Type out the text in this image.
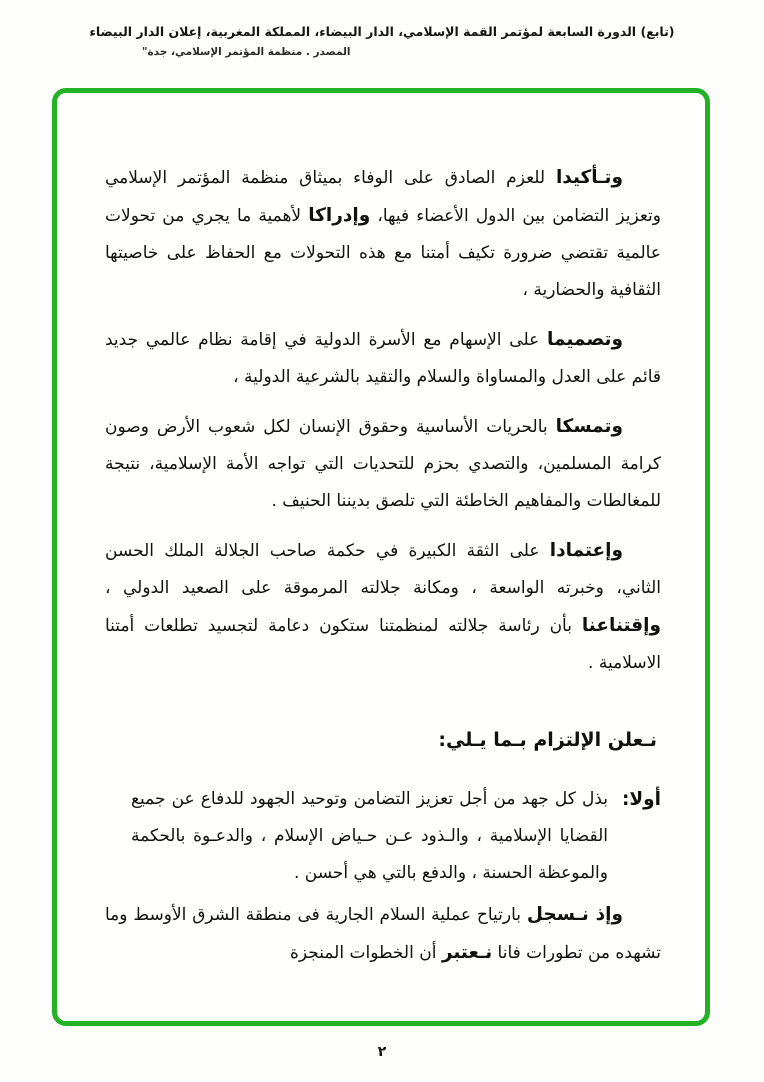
(تابع) الدورة السابعة لمؤتمر القمة الإسلامي، الدار البيضاء، المملكة المغربية، إعلان الدار البيضاء
المصدر . منظمة المؤتمر الإسلامي، جدة"

وتـأكيدا للعزم الصادق على الوفاء بميثاق منظمة المؤتمر الإسلامي وتعزيز التضامن بين الدول الأعضاء فيها، وإدراكا لأهمية ما يجري من تحولات عالمية تقتضي ضرورة تكيف أمتنا مع هذه التحولات مع الحفاظ على خاصيتها الثقافية والحضارية ،

وتصميما على الإسهام مع الأسرة الدولية في إقامة نظام عالمي جديد قائم على العدل والمساواة والسلام والتقيد بالشرعية الدولية ،

وتمسكا بالحريات الأساسية وحقوق الإنسان لكل شعوب الأرض وصون كرامة المسلمين، والتصدي بحزم للتحديات التي تواجه الأمة الإسلامية، نتيجة للمغالطات والمفاهيم الخاطئة التي تلصق بديننا الحنيف .

وإعتمادا على الثقة الكبيرة في حكمة صاحب الجلالة الملك الحسن الثاني، وخبرته الواسعة ، ومكانة جلالته المرموقة على الصعيد الدولي ، وإقتناعنا بأن رئاسة جلالته لمنظمتنا ستكون دعامة لتجسيد تطلعات أمتنا الاسلامية .

نـعلن الإلتزام بـما يـلي:
أولا:
بذل كل جهد من أجل تعزيز التضامن وتوحيد الجهود للدفاع عن جميع القضايا الإسلامية ، والـذود عـن حـياض الإسلام ، والدعـوة بالحكمة والموعظة الحسنة ، والدفع بالتي هي أحسن .

وإذ نـسجل بارتياح عملية السلام الجارية فى منطقة الشرق الأوسط وما تشهده من تطورات فانا نـعتبر أن الخطوات المنجزة

٢
